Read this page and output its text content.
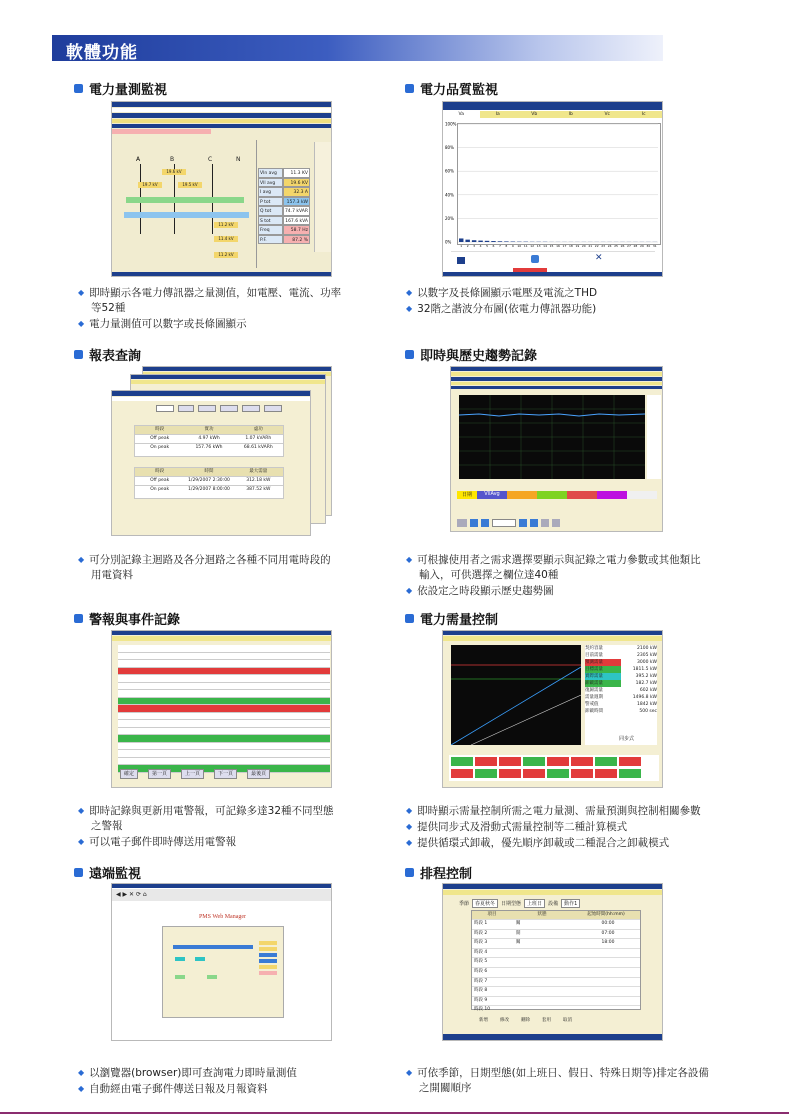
軟體功能
電力量測監視	電力品質監視
A	B	C	N
19.6 kV
19.7 kV	19.5 kV
11.2 kV
11.4 kV
11.2 kV
Vln avg	11.3 KV
Vll avg	19.6 KV
I avg	32.3 A
P tot	157.3 kW
Q tot	74.7 kVAR
S tot	167.6 kVA
Freq	58.7 Hz
P.F.	87.2 %
Va	Ia	Vb	Ib	Vc	Ic
100%
80%
60%
40%
20%
0%
1 2 3 4 5 6 7 8 9 10 11 12 13 14 15 16 17 18 19 20 21 22 23 24 25 26 27 28 29 30 31
✕
◆ 即時顯示各電力傳訊器之量測值，如電壓、電流、功率
等52種
◆ 電力量測值可以數字或長條圖顯示
◆ 以數字及長條圖顯示電壓及電流之THD
◆ 32階之諧波分布圖(依電力傳訊器功能)
報表查詢	即時與歷史趨勢記錄
時段	實功	虛功
Off peak	4.97 kWh	1.07 kVARh
On peak	157.76 kWh	68.61 kVARh
時段	時間	最大需量
Off peak	1/29/2007 2:30:00	312.18 kW
On peak	1/29/2007 8:00:00	387.52 kW
日期	VllAvg
◆ 可分別記錄主迴路及各分迴路之各種不同用電時段的
用電資料
◆ 可根據使用者之需求選擇要顯示與記錄之電力參數或其他類比
輸入，可供選擇之欄位達40種
◆ 依設定之時段顯示歷史趨勢圖
警報與事件記錄	電力需量控制
確定	第一頁	上一頁	下一頁	最後頁
契約容量	2100 kW
目前需量	2305 kW
預測需量	3000 kW
目標需量	1811.5 kW
實際需量	395.2 kW
卸載需量	182.7 kW
復歸需量	602 kW
需量週期	1496.8 kW
警戒值	1842 kW
卸載時間	500 sec
同步式
◆ 即時記錄與更新用電警報，可記錄多達32種不同型態
之警報
◆ 可以電子郵件即時傳送用電警報
◆ 即時顯示需量控制所需之電力量測、需量預測與控制相關參數
◆ 提供同步式及滑動式需量控制等二種計算模式
◆ 提供循環式卸載，優先順序卸載或二種混合之卸載模式
遠端監視	排程控制
◀ ▶ ✕ ⟳ ⌂
PMS Web Manager
季節	春夏秋冬	日期型態	上班日	設備	動作1
項目	狀態	起始時間(hh:mm)
時段 1	關	00:00
時段 2	開	07:00
時段 3	關	18:00
時段 4
時段 5
時段 6
時段 7
時段 8
時段 9
時段 10
新增	修改	刪除	套用	取消
◆ 以瀏覽器(browser)即可查詢電力即時量測值
◆ 自動經由電子郵件傳送日報及月報資料
◆ 可依季節，日期型態(如上班日、假日、特殊日期等)排定各設備
之開關順序
